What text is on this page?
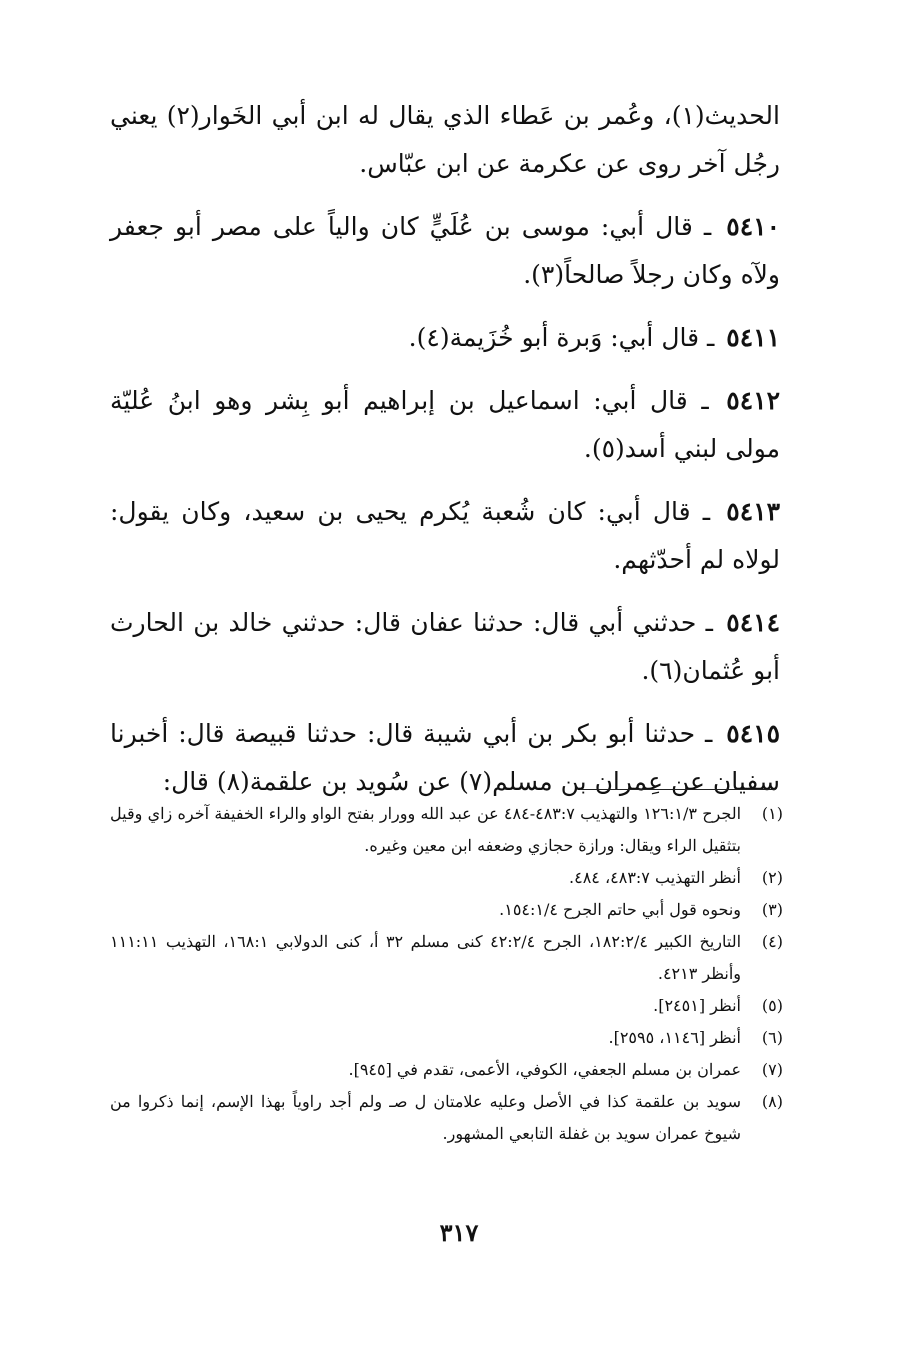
الحديث(١)، وعُمر بن عَطاء الذي يقال له ابن أبي الخَوار(٢) يعني رجُل آخر روى عن عكرمة عن ابن عبّاس.
٥٤١٠ ـ قال أبي: موسى بن عُلَيٍّ كان والياً على مصر أبو جعفر ولآه وكان رجلاً صالحاً(٣).
٥٤١١ ـ قال أبي: وَبرة أبو خُزَيمة(٤).
٥٤١٢ ـ قال أبي: اسماعيل بن إبراهيم أبو بِشر وهو ابنُ عُليّة مولى لبني أسد(٥).
٥٤١٣ ـ قال أبي: كان شُعبة يُكرم يحيى بن سعيد، وكان يقول: لولاه لم أحدّثهم.
٥٤١٤ ـ حدثني أبي قال: حدثنا عفان قال: حدثني خالد بن الحارث أبو عُثمان(٦).
٥٤١٥ ـ حدثنا أبو بكر بن أبي شيبة قال: حدثنا قبيصة قال: أخبرنا سفيان عن عِمران بن مسلم(٧) عن سُويد بن علقمة(٨) قال:
(١)
الجرح ١٢٦:١/٣ والتهذيب ٤٨٣:٧-٤٨٤ عن عبد الله وورار بفتح الواو والراء الخفيفة آخره زاي وقيل بتثقيل الراء ويقال: ورازة حجازي وضعفه ابن معين وغيره.
(٢)
أنظر التهذيب ٤٨٣:٧، ٤٨٤.
(٣)
ونحوه قول أبي حاتم الجرح ١٥٤:١/٤.
(٤)
التاريخ الكبير ١٨٢:٢/٤، الجرح ٤٢:٢/٤ كنى مسلم ٣٢ أ، كنى الدولابي ١٦٨:١، التهذيب ١١١:١١ وأنظر ٤٢١٣.
(٥)
أنظر [٢٤٥١].
(٦)
أنظر [١١٤٦، ٢٥٩٥].
(٧)
عمران بن مسلم الجعفي، الكوفي، الأعمى، تقدم في [٩٤٥].
(٨)
سويد بن علقمة كذا في الأصل وعليه علامتان ل صـ ولم أجد راوياً بهذا الإسم، إنما ذكروا من شيوخ عمران سويد بن غفلة التابعي المشهور.
٣١٧
